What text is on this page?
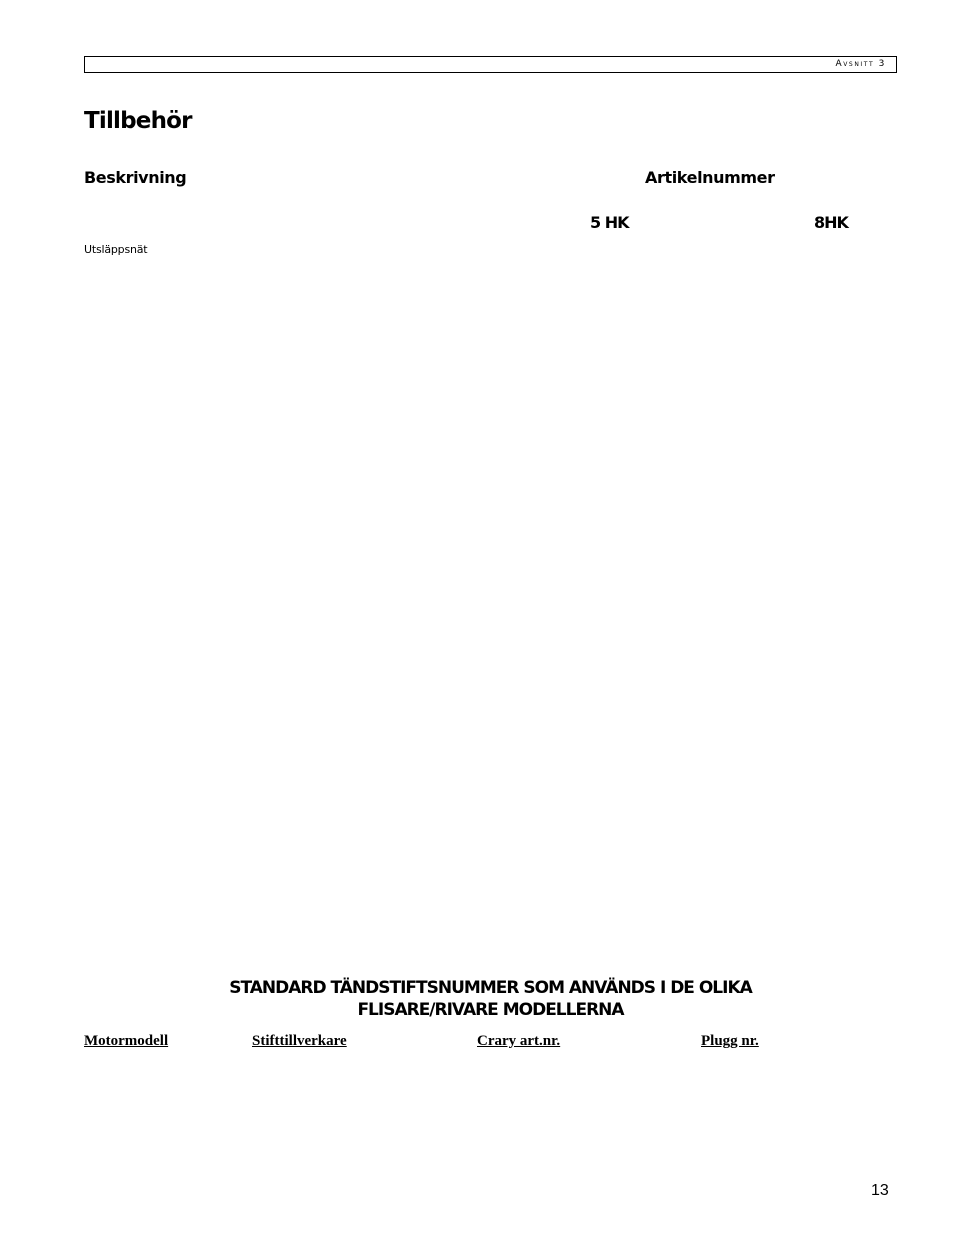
Avsnitt 3
Tillbehör
Beskrivning	Artikelnummer
5 HK	8HK
Utsläppsnät
STANDARD TÄNDSTIFTSNUMMER SOM ANVÄNDS I DE OLIKA
FLISARE/RIVARE MODELLERNA
Motormodell	Stifttillverkare	Crary art.nr.	Plugg nr.
13
